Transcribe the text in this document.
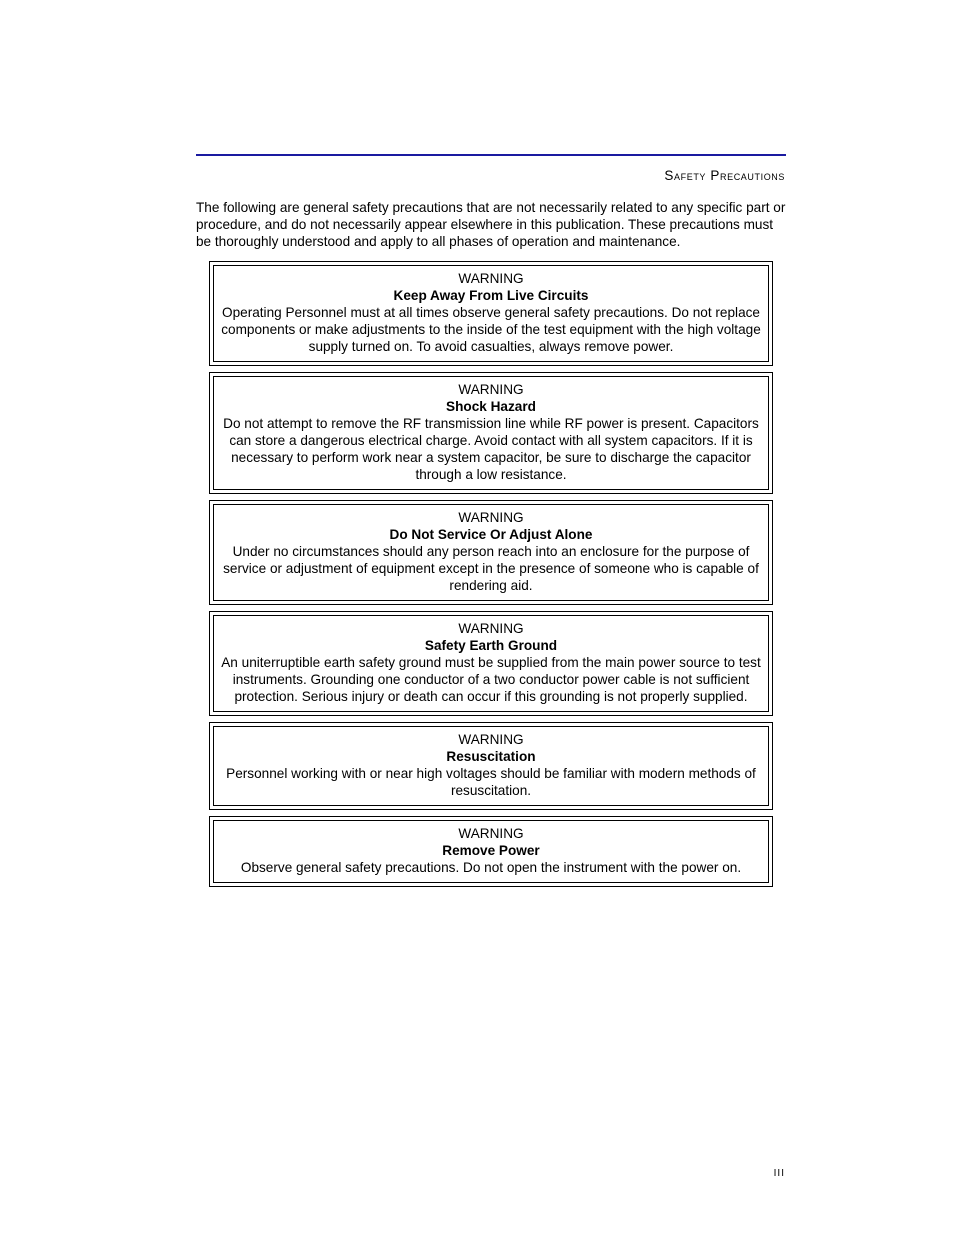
Safety Precautions

The following are general safety precautions that are not necessarily related to any specific part or procedure, and do not necessarily appear elsewhere in this publication. These precautions must be thoroughly understood and apply to all phases of operation and maintenance.

WARNING
Keep Away From Live Circuits
Operating Personnel must at all times observe general safety precautions. Do not replace components or make adjustments to the inside of the test equipment with the high voltage supply turned on. To avoid casualties, always remove power.
WARNING
Shock Hazard
Do not attempt to remove the RF transmission line while RF power is present. Capacitors can store a dangerous electrical charge. Avoid contact with all system capacitors. If it is necessary to perform work near a system capacitor, be sure to discharge the capacitor through a low resistance.
WARNING
Do Not Service Or Adjust Alone
Under no circumstances should any person reach into an enclosure for the purpose of service or adjustment of equipment except in the presence of someone who is capable of rendering aid.
WARNING
Safety Earth Ground
An uniterruptible earth safety ground must be supplied from the main power source to test instruments. Grounding one conductor of a two conductor power cable is not sufficient protection. Serious injury or death can occur if this grounding is not properly supplied.
WARNING
Resuscitation
Personnel working with or near high voltages should be familiar with modern methods of resuscitation.
WARNING
Remove Power
Observe general safety precautions. Do not open the instrument with the power on.
III
